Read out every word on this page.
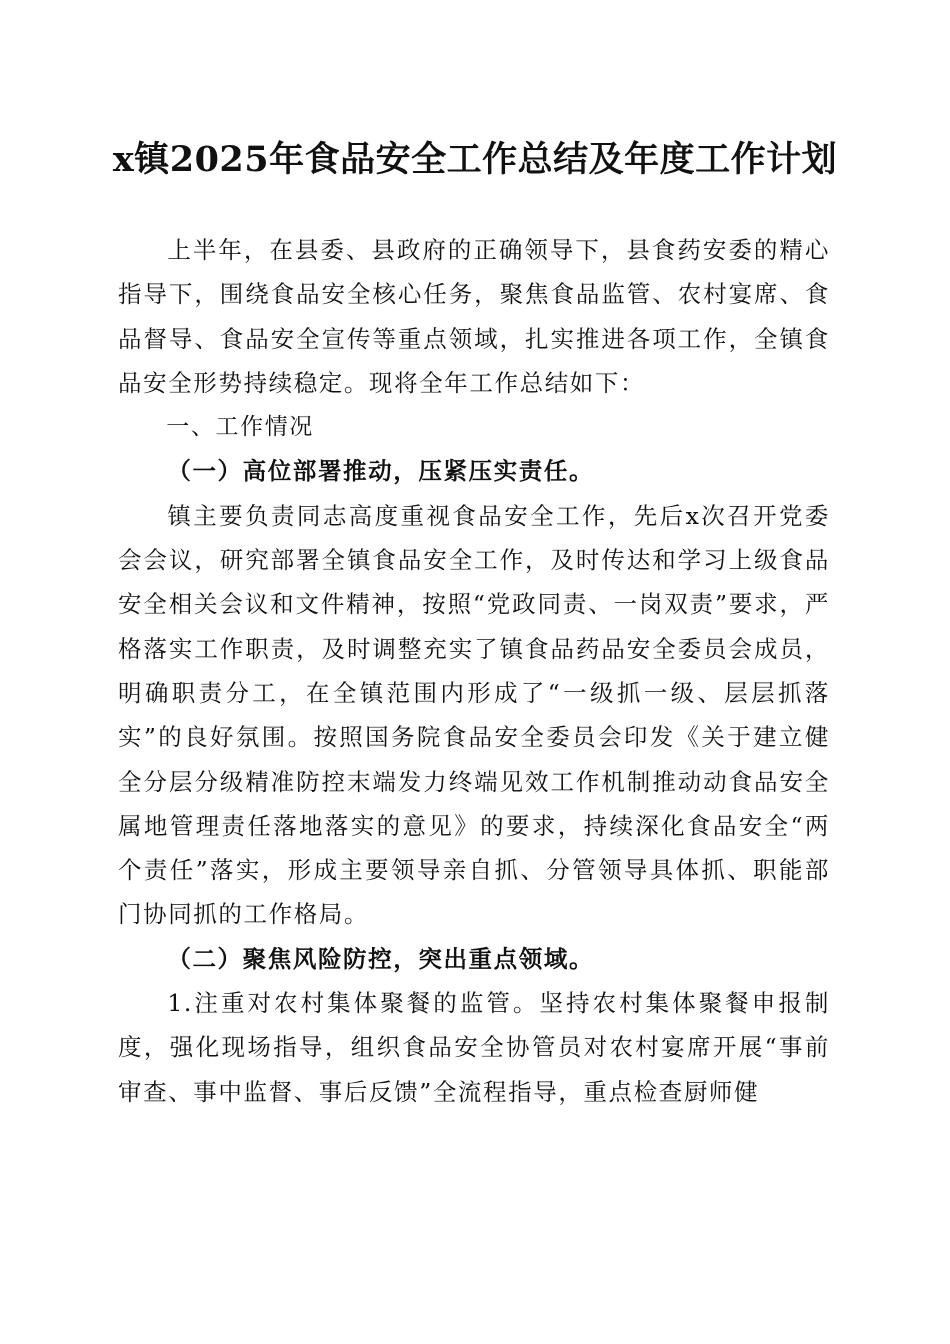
x镇2025年食品安全工作总结及年度工作计划

上半年，在县委、县政府的正确领导下，县食药安委的精心指导下，围绕食品安全核心任务，聚焦食品监管、农村宴席、食品督导、食品安全宣传等重点领域，扎实推进各项工作，全镇食品安全形势持续稳定。现将全年工作总结如下：

一、工作情况

（一）高位部署推动，压紧压实责任。

镇主要负责同志高度重视食品安全工作，先后x次召开党委会会议，研究部署全镇食品安全工作，及时传达和学习上级食品安全相关会议和文件精神，按照“党政同责、一岗双责”要求，严格落实工作职责，及时调整充实了镇食品药品安全委员会成员，明确职责分工，在全镇范围内形成了“一级抓一级、层层抓落实”的良好氛围。按照国务院食品安全委员会印发《关于建立健全分层分级精准防控末端发力终端见效工作机制推动动食品安全属地管理责任落地落实的意见》的要求，持续深化食品安全“两个责任”落实，形成主要领导亲自抓、分管领导具体抓、职能部门协同抓的工作格局。

（二）聚焦风险防控，突出重点领域。

1.注重对农村集体聚餐的监管。坚持农村集体聚餐申报制度，强化现场指导，组织食品安全协管员对农村宴席开展“事前审查、事中监督、事后反馈”全流程指导，重点检查厨师健
